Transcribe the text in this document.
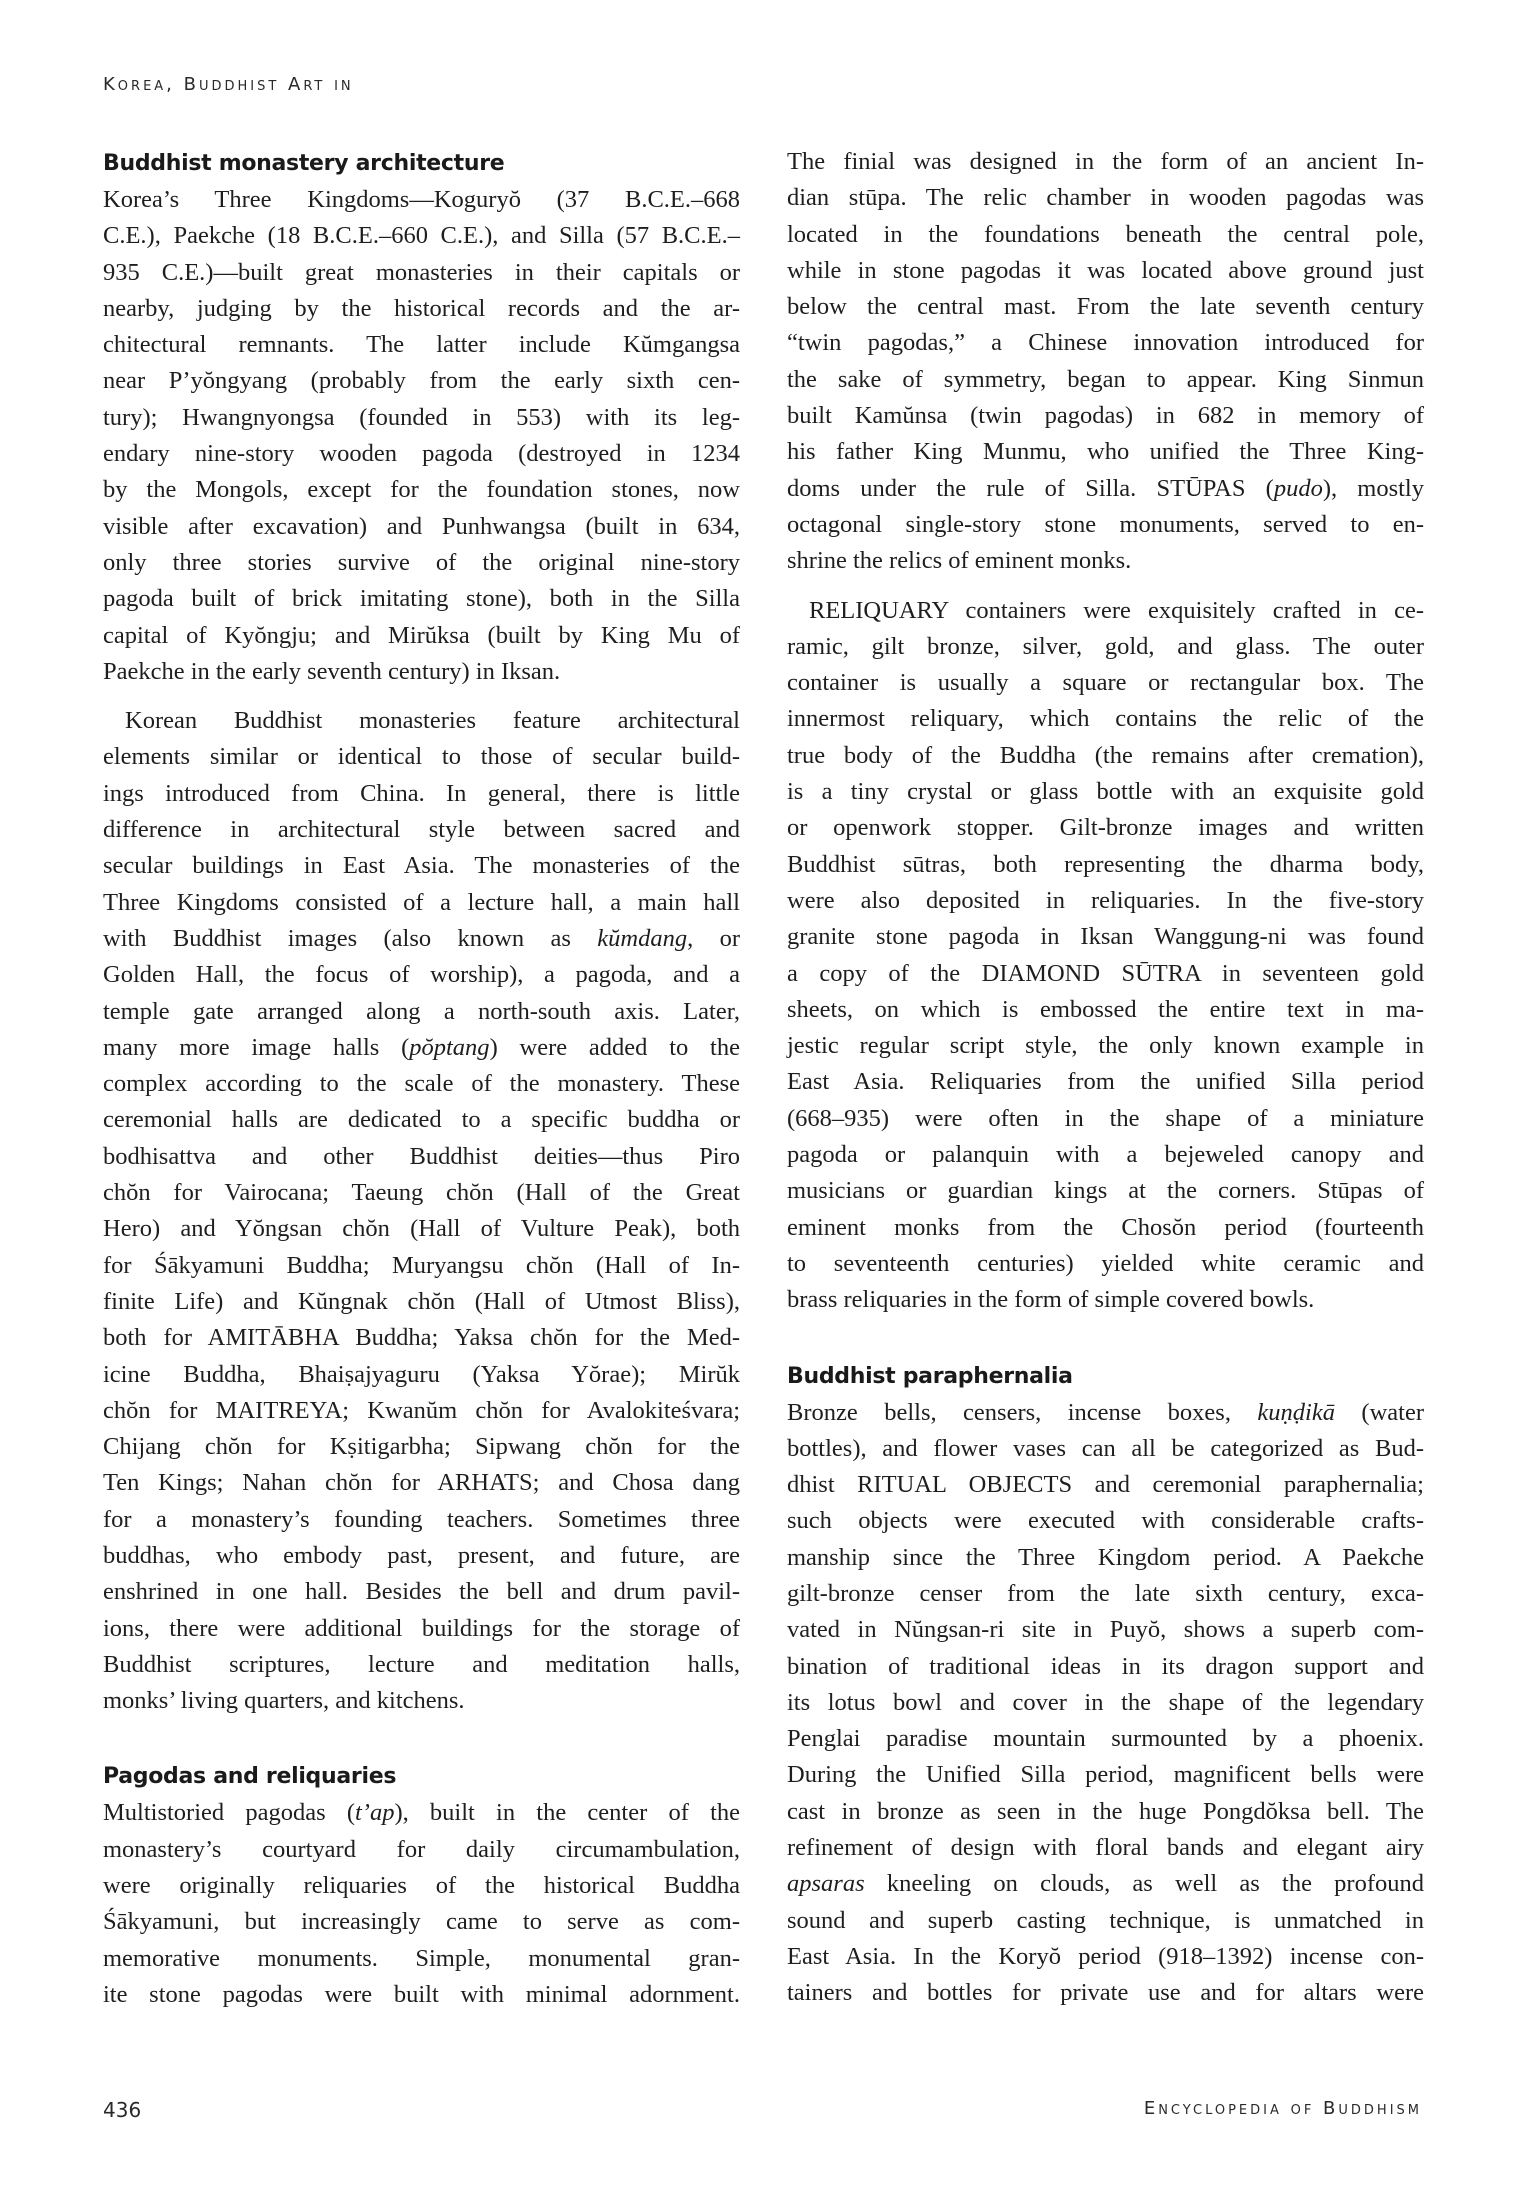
Korea, Buddhist Art in
Buddhist monastery architecture
Korea’s Three Kingdoms—Koguryŏ (37 B.C.E.–668
C.E.), Paekche (18 B.C.E.–660 C.E.), and Silla (57 B.C.E.–
935 C.E.)—built great monasteries in their capitals or
nearby, judging by the historical records and the ar-
chitectural remnants. The latter include Kŭmgangsa
near P’yŏngyang (probably from the early sixth cen-
tury); Hwangnyongsa (founded in 553) with its leg-
endary nine-story wooden pagoda (destroyed in 1234
by the Mongols, except for the foundation stones, now
visible after excavation) and Punhwangsa (built in 634,
only three stories survive of the original nine-story
pagoda built of brick imitating stone), both in the Silla
capital of Kyŏngju; and Mirŭksa (built by King Mu of
Paekche in the early seventh century) in Iksan.
Korean Buddhist monasteries feature architectural
elements similar or identical to those of secular build-
ings introduced from China. In general, there is little
difference in architectural style between sacred and
secular buildings in East Asia. The monasteries of the
Three Kingdoms consisted of a lecture hall, a main hall
with Buddhist images (also known as kŭmdang, or
Golden Hall, the focus of worship), a pagoda, and a
temple gate arranged along a north-south axis. Later,
many more image halls (pŏptang) were added to the
complex according to the scale of the monastery. These
ceremonial halls are dedicated to a specific buddha or
bodhisattva and other Buddhist deities—thus Piro
chŏn for Vairocana; Taeung chŏn (Hall of the Great
Hero) and Yŏngsan chŏn (Hall of Vulture Peak), both
for Śākyamuni Buddha; Muryangsu chŏn (Hall of In-
finite Life) and Kŭngnak chŏn (Hall of Utmost Bliss),
both for AMITĀBHA Buddha; Yaksa chŏn for the Med-
icine Buddha, Bhaiṣajyaguru (Yaksa Yŏrae); Mirŭk
chŏn for MAITREYA; Kwanŭm chŏn for Avalokiteśvara;
Chijang chŏn for Kṣitigarbha; Sipwang chŏn for the
Ten Kings; Nahan chŏn for ARHATS; and Chosa dang
for a monastery’s founding teachers. Sometimes three
buddhas, who embody past, present, and future, are
enshrined in one hall. Besides the bell and drum pavil-
ions, there were additional buildings for the storage of
Buddhist scriptures, lecture and meditation halls,
monks’ living quarters, and kitchens.
Pagodas and reliquaries
Multistoried pagodas (t’ap), built in the center of the
monastery’s courtyard for daily circumambulation,
were originally reliquaries of the historical Buddha
Śākyamuni, but increasingly came to serve as com-
memorative monuments. Simple, monumental gran-
ite stone pagodas were built with minimal adornment.
The finial was designed in the form of an ancient In-
dian stūpa. The relic chamber in wooden pagodas was
located in the foundations beneath the central pole,
while in stone pagodas it was located above ground just
below the central mast. From the late seventh century
“twin pagodas,” a Chinese innovation introduced for
the sake of symmetry, began to appear. King Sinmun
built Kamŭnsa (twin pagodas) in 682 in memory of
his father King Munmu, who unified the Three King-
doms under the rule of Silla. STŪPAS (pudo), mostly
octagonal single-story stone monuments, served to en-
shrine the relics of eminent monks.
RELIQUARY containers were exquisitely crafted in ce-
ramic, gilt bronze, silver, gold, and glass. The outer
container is usually a square or rectangular box. The
innermost reliquary, which contains the relic of the
true body of the Buddha (the remains after cremation),
is a tiny crystal or glass bottle with an exquisite gold
or openwork stopper. Gilt-bronze images and written
Buddhist sūtras, both representing the dharma body,
were also deposited in reliquaries. In the five-story
granite stone pagoda in Iksan Wanggung-ni was found
a copy of the DIAMOND SŪTRA in seventeen gold
sheets, on which is embossed the entire text in ma-
jestic regular script style, the only known example in
East Asia. Reliquaries from the unified Silla period
(668–935) were often in the shape of a miniature
pagoda or palanquin with a bejeweled canopy and
musicians or guardian kings at the corners. Stūpas of
eminent monks from the Chosŏn period (fourteenth
to seventeenth centuries) yielded white ceramic and
brass reliquaries in the form of simple covered bowls.
Buddhist paraphernalia
Bronze bells, censers, incense boxes, kuṇḍikā (water
bottles), and flower vases can all be categorized as Bud-
dhist RITUAL OBJECTS and ceremonial paraphernalia;
such objects were executed with considerable crafts-
manship since the Three Kingdom period. A Paekche
gilt-bronze censer from the late sixth century, exca-
vated in Nŭngsan-ri site in Puyŏ, shows a superb com-
bination of traditional ideas in its dragon support and
its lotus bowl and cover in the shape of the legendary
Penglai paradise mountain surmounted by a phoenix.
During the Unified Silla period, magnificent bells were
cast in bronze as seen in the huge Pongdŏksa bell. The
refinement of design with floral bands and elegant airy
apsaras kneeling on clouds, as well as the profound
sound and superb casting technique, is unmatched in
East Asia. In the Koryŏ period (918–1392) incense con-
tainers and bottles for private use and for altars were
436	Encyclopedia of Buddhism
